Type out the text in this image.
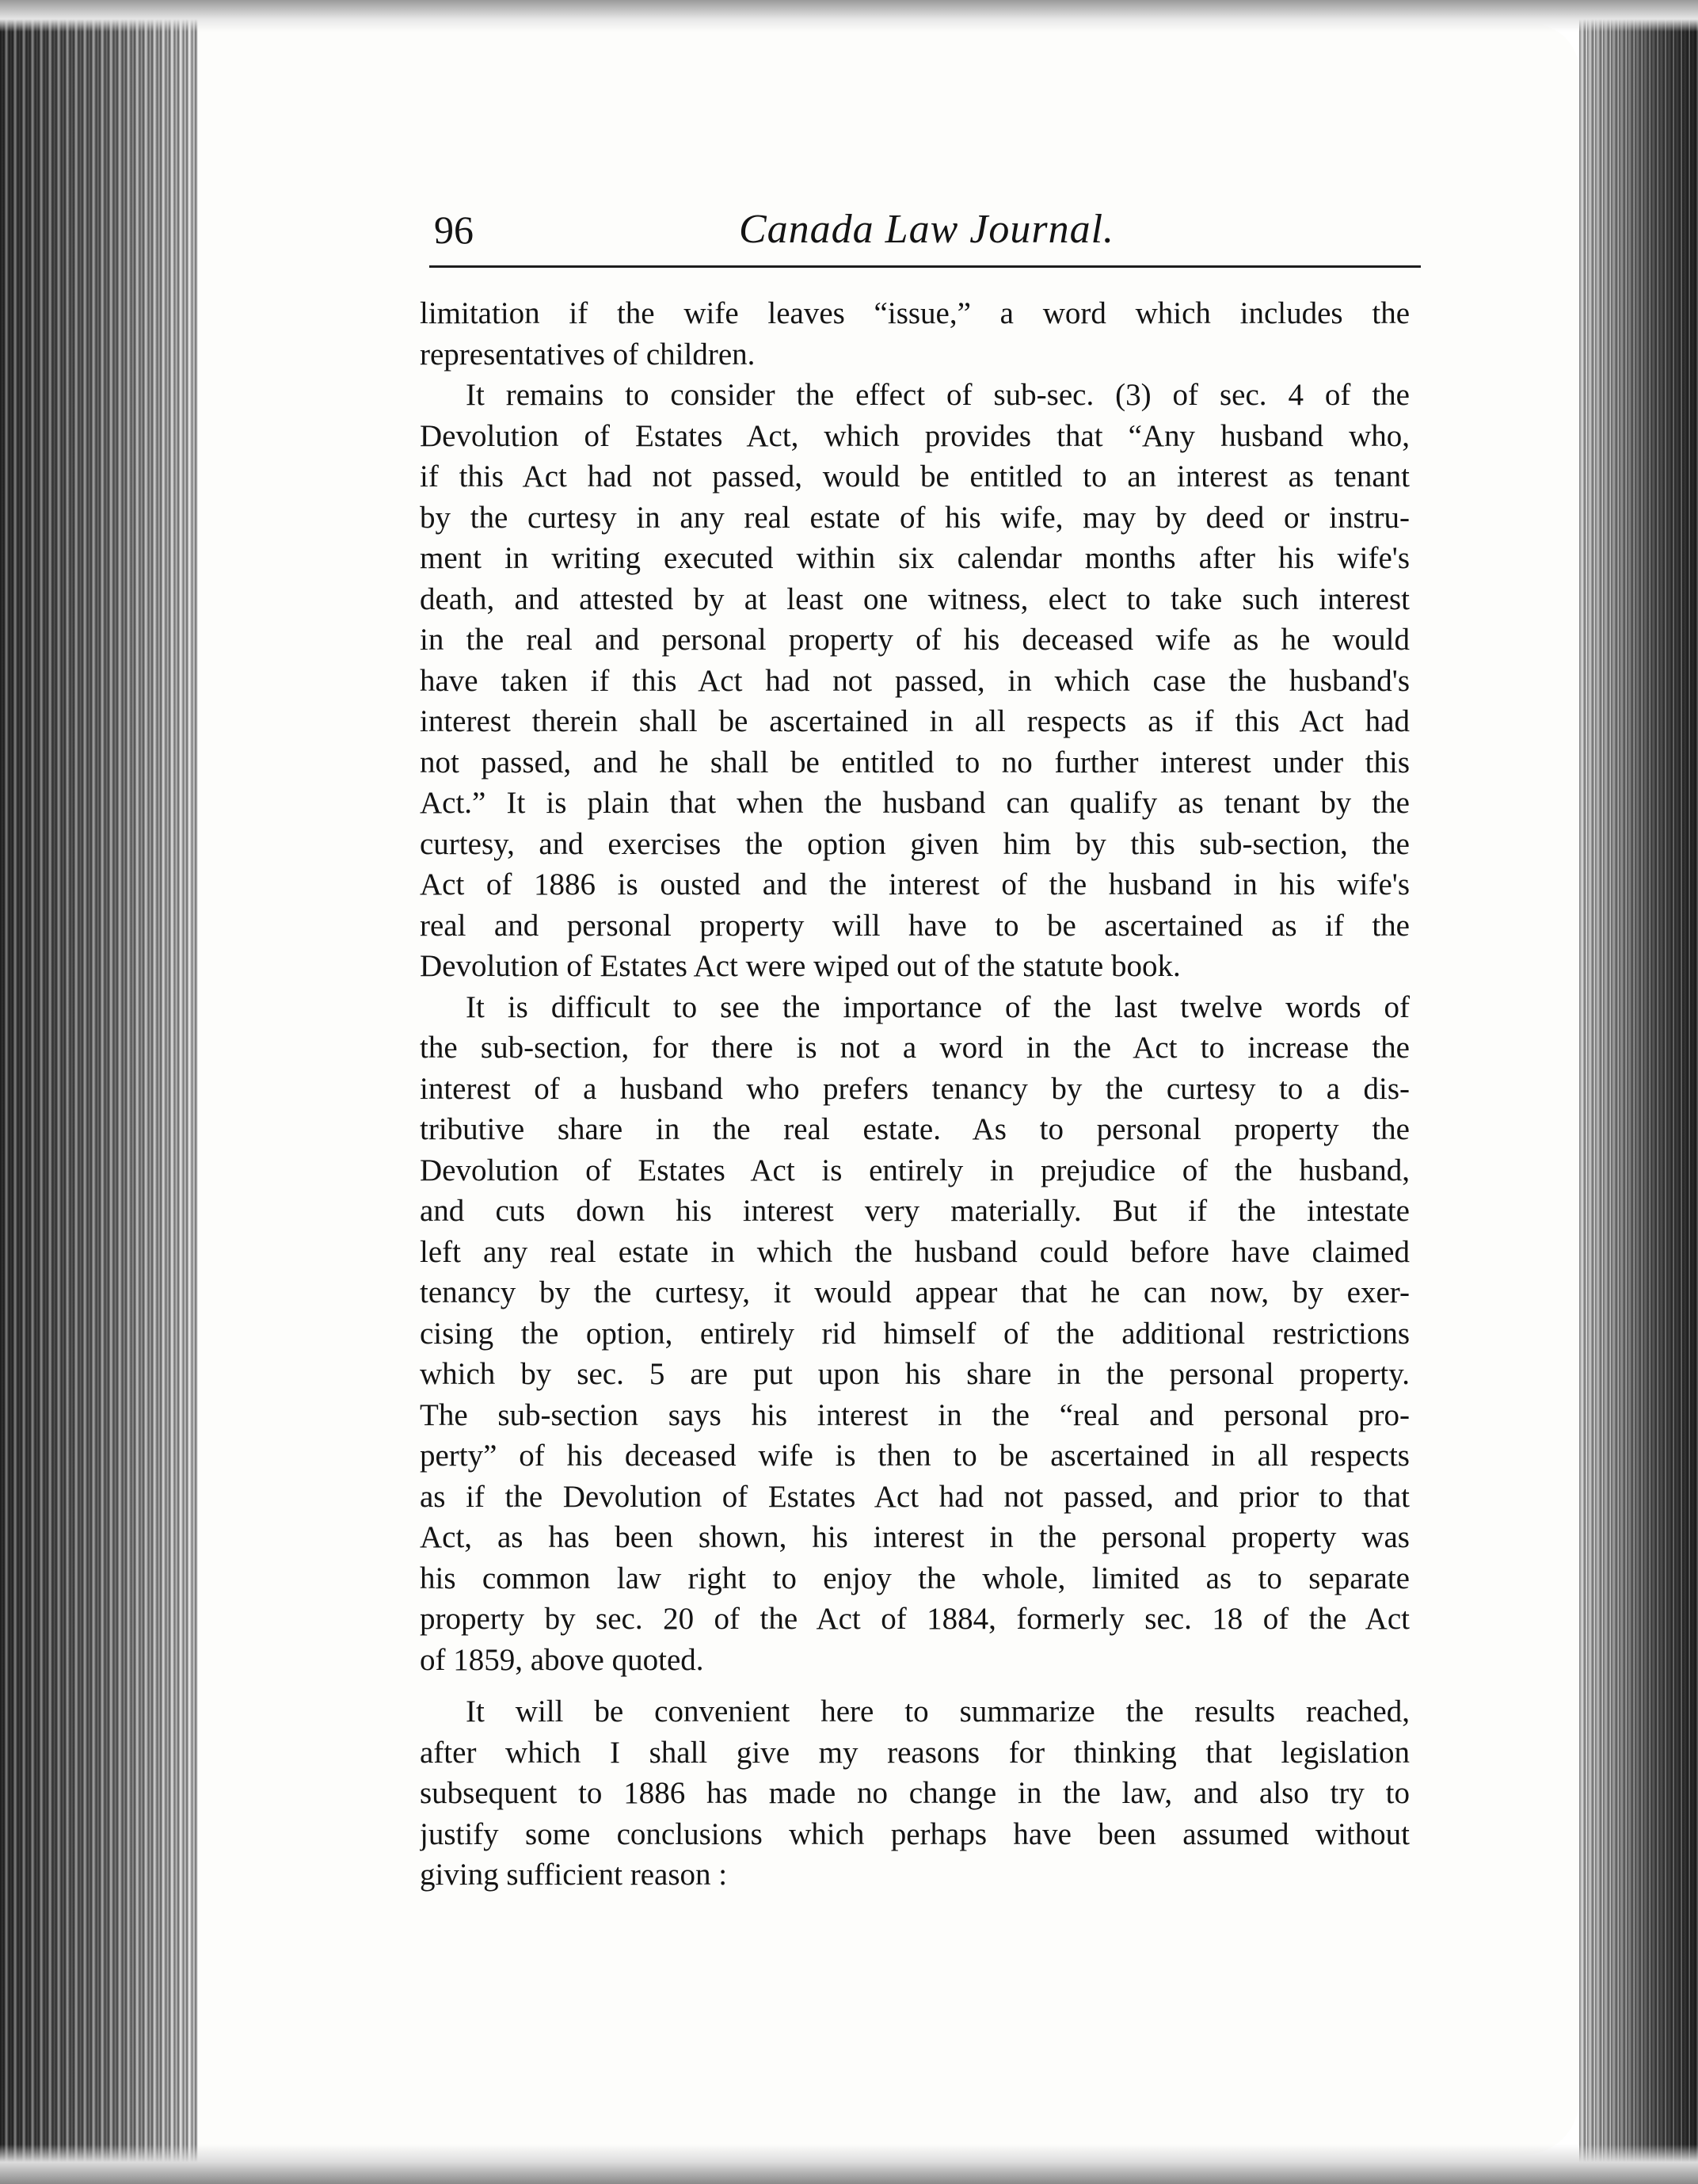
96	Canada Law Journal.

limitation if the wife leaves “issue,” a word which includes the
representatives of children.

It remains to consider the effect of sub-sec. (3) of sec. 4 of the
Devolution of Estates Act, which provides that “Any husband who,
if this Act had not passed, would be entitled to an interest as tenant
by the curtesy in any real estate of his wife, may by deed or instru-
ment in writing executed within six calendar months after his wife's
death, and attested by at least one witness, elect to take such interest
in the real and personal property of his deceased wife as he would
have taken if this Act had not passed, in which case the husband's
interest therein shall be ascertained in all respects as if this Act had
not passed, and he shall be entitled to no further interest under this
Act.” It is plain that when the husband can qualify as tenant by the
curtesy, and exercises the option given him by this sub-section, the
Act of 1886 is ousted and the interest of the husband in his wife's
real and personal property will have to be ascertained as if the
Devolution of Estates Act were wiped out of the statute book.

It is difficult to see the importance of the last twelve words of
the sub-section, for there is not a word in the Act to increase the
interest of a husband who prefers tenancy by the curtesy to a dis-
tributive share in the real estate. As to personal property the
Devolution of Estates Act is entirely in prejudice of the husband,
and cuts down his interest very materially. But if the intestate
left any real estate in which the husband could before have claimed
tenancy by the curtesy, it would appear that he can now, by exer-
cising the option, entirely rid himself of the additional restrictions
which by sec. 5 are put upon his share in the personal property.
The sub-section says his interest in the “real and personal pro-
perty” of his deceased wife is then to be ascertained in all respects
as if the Devolution of Estates Act had not passed, and prior to that
Act, as has been shown, his interest in the personal property was
his common law right to enjoy the whole, limited as to separate
property by sec. 20 of the Act of 1884, formerly sec. 18 of the Act
of 1859, above quoted.

It will be convenient here to summarize the results reached,
after which I shall give my reasons for thinking that legislation
subsequent to 1886 has made no change in the law, and also try to
justify some conclusions which perhaps have been assumed without
giving sufficient reason :
